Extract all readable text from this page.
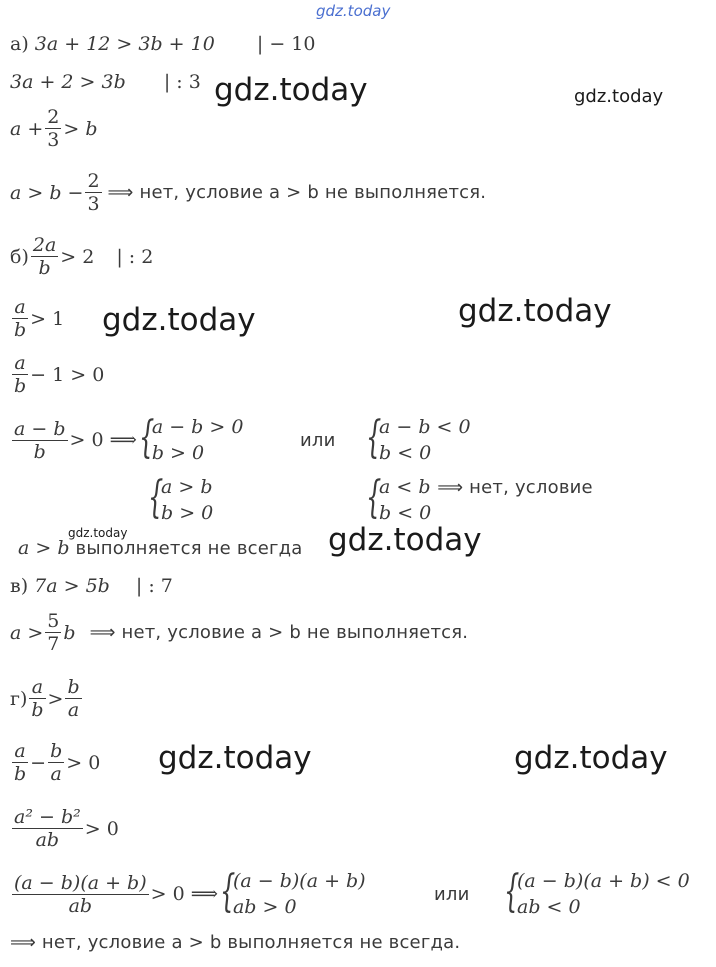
gdz.today
gdz.today	gdz.today
gdz.today	gdz.today
gdz.today	gdz.today
gdz.today	gdz.today
а) 3a + 12 > 3b + 10 | − 10
3a + 2 > 3b | : 3
$a + \frac{2}{3} > b$
$a > b - \frac{2}{3}$ ⟹ нет, условие a > b не выполняется.
$б) \frac{2a}{b} > 2$ | : 2
$\frac{a}{b} > 1$
$\frac{a}{b} - 1 > 0$
$\frac{a - b}{b} > 0$ ⟹ {
a − b > 0
b > 0
или {
a − b < 0
b < 0
{
a > b
b > 0	{
a < b
b < 0
⟹ нет, условие
a > b выполняется не всегда
в) 7a > 5b | : 7
$a > \frac{5}{7}$ b ⟹ нет, условие a > b не выполняется.
$г) \frac{a}{b} > \frac{b}{a}$
$\frac{a}{b} - \frac{b}{a} > 0$
$\frac{\text{a² − b²}}{ab} > 0$
$\frac{(a - b)(a + b)}{ab} > 0$ ⟹ {
(a − b)(a + b)
ab > 0
или {
(a − b)(a + b) < 0
ab < 0
⟹ нет, условие a > b выполняется не всегда.
